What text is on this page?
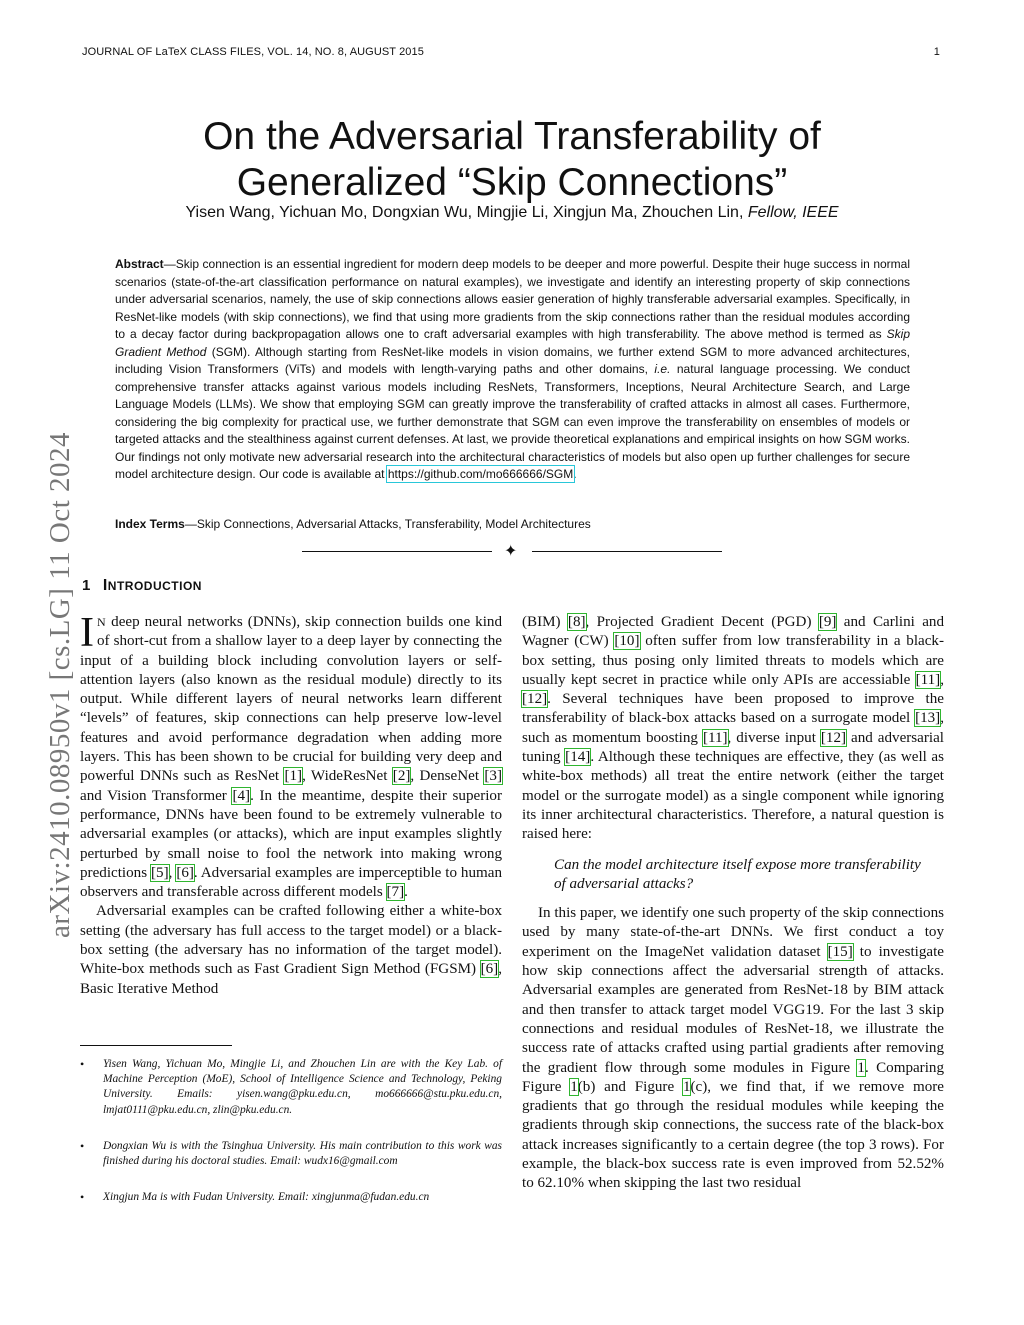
JOURNAL OF LaTeX CLASS FILES, VOL. 14, NO. 8, AUGUST 2015	1
On the Adversarial Transferability of
Generalized “Skip Connections”
Yisen Wang, Yichuan Mo, Dongxian Wu, Mingjie Li, Xingjun Ma, Zhouchen Lin, Fellow, IEEE
Abstract—Skip connection is an essential ingredient for modern deep models to be deeper and more powerful. Despite their huge success in normal scenarios (state-of-the-art classification performance on natural examples), we investigate and identify an interesting property of skip connections under adversarial scenarios, namely, the use of skip connections allows easier generation of highly transferable adversarial examples. Specifically, in ResNet-like models (with skip connections), we find that using more gradients from the skip connections rather than the residual modules according to a decay factor during backpropagation allows one to craft adversarial examples with high transferability. The above method is termed as Skip Gradient Method (SGM). Although starting from ResNet-like models in vision domains, we further extend SGM to more advanced architectures, including Vision Transformers (ViTs) and models with length-varying paths and other domains, i.e. natural language processing. We conduct comprehensive transfer attacks against various models including ResNets, Transformers, Inceptions, Neural Architecture Search, and Large Language Models (LLMs). We show that employing SGM can greatly improve the transferability of crafted attacks in almost all cases. Furthermore, considering the big complexity for practical use, we further demonstrate that SGM can even improve the transferability on ensembles of models or targeted attacks and the stealthiness against current defenses. At last, we provide theoretical explanations and empirical insights on how SGM works. Our findings not only motivate new adversarial research into the architectural characteristics of models but also open up further challenges for secure model architecture design. Our code is available at https://github.com/mo666666/SGM.
Index Terms—Skip Connections, Adversarial Attacks, Transferability, Model Architectures
✦
arXiv:2410.08950v1 [cs.LG] 11 Oct 2024 1 INTRODUCTION

IN deep neural networks (DNNs), skip connection builds one kind of short-cut from a shallow layer to a deep layer by connecting the input of a building block including convolution layers or self-attention layers (also known as the residual module) directly to its output. While different layers of neural networks learn different “levels” of features, skip connections can help preserve low-level features and avoid performance degradation when adding more layers. This has been shown to be crucial for building very deep and powerful DNNs such as ResNet [1], WideResNet [2], DenseNet [3] and Vision Transformer [4]. In the meantime, despite their superior performance, DNNs have been found to be extremely vulnerable to adversarial examples (or attacks), which are input examples slightly perturbed by small noise to fool the network into making wrong predictions [5], [6]. Adversarial examples are imperceptible to human observers and transferable across different models [7].

Adversarial examples can be crafted following either a white-box setting (the adversary has full access to the target model) or a black-box setting (the adversary has no information of the target model). White-box methods such as Fast Gradient Sign Method (FGSM) [6], Basic Iterative Method

(BIM) [8], Projected Gradient Decent (PGD) [9] and Carlini and Wagner (CW) [10] often suffer from low transferability in a black-box setting, thus posing only limited threats to models which are usually kept secret in practice while only APIs are accessiable [11], [12]. Several techniques have been proposed to improve the transferability of black-box attacks based on a surrogate model [13], such as momentum boosting [11], diverse input [12] and adversarial tuning [14]. Although these techniques are effective, they (as well as white-box methods) all treat the entire network (either the target model or the surrogate model) as a single component while ignoring its inner architectural characteristics. Therefore, a natural question is raised here:

Can the model architecture itself expose more transferability of adversarial attacks?

In this paper, we identify one such property of the skip connections used by many state-of-the-art DNNs. We first conduct a toy experiment on the ImageNet validation dataset [15] to investigate how skip connections affect the adversarial strength of attacks. Adversarial examples are generated from ResNet-18 by BIM attack and then transfer to attack target model VGG19. For the last 3 skip connections and residual modules of ResNet-18, we illustrate the success rate of attacks crafted using partial gradients after removing the gradient flow through some modules in Figure 1. Comparing Figure 1(b) and Figure 1(c), we find that, if we remove more gradients that go through the residual modules while keeping the gradients through skip connections, the success rate of the black-box attack increases significantly to a certain degree (the top 3 rows). For example, the black-box success rate is even improved from 52.52% to 62.10% when skipping the last two residual

• Yisen Wang, Yichuan Mo, Mingjie Li, and Zhouchen Lin are with the Key Lab. of Machine Perception (MoE), School of Intelligence Science and Technology, Peking University. Emails: yisen.wang@pku.edu.cn, mo666666@stu.pku.edu.cn, lmjat0111@pku.edu.cn, zlin@pku.edu.cn.
• Dongxian Wu is with the Tsinghua University. His main contribution to this work was finished during his doctoral studies. Email: wudx16@gmail.com
• Xingjun Ma is with Fudan University. Email: xingjunma@fudan.edu.cn
